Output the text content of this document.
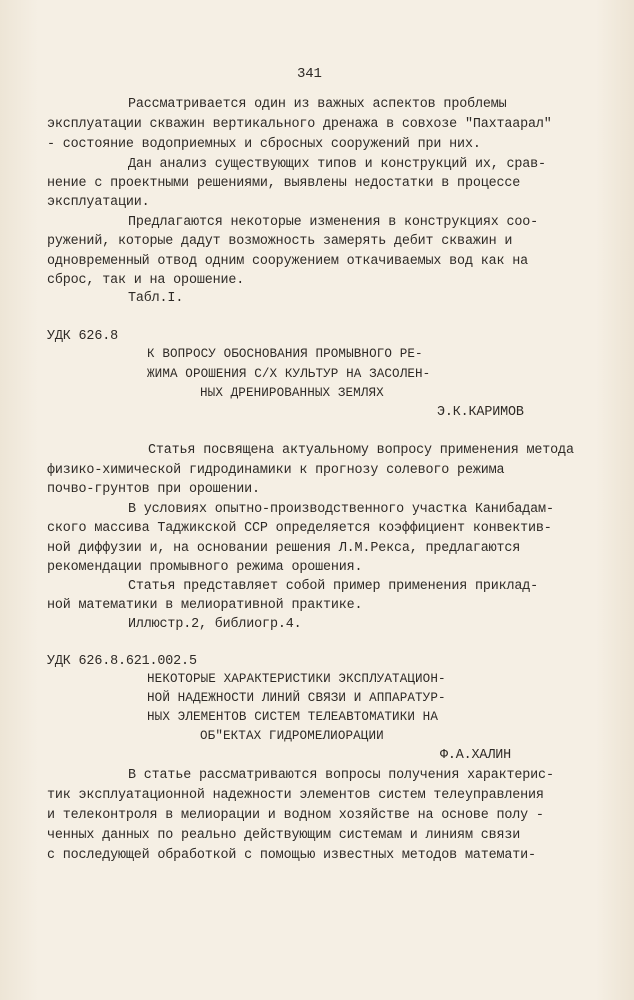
341
Рассматривается один из важных аспектов проблемы
эксплуатации скважин вертикального дренажа в совхозе "Пахтаарал"
- состояние водоприемных и сбросных сооружений при них.
Дан анализ существующих типов и конструкций их, срав-
нение с проектными решениями, выявлены недостатки в процессе
эксплуатации.
Предлагаются некоторые изменения в конструкциях соо-
ружений, которые дадут возможность замерять дебит скважин и
одновременный отвод одним сооружением откачиваемых вод как на
сброс, так и на орошение.
Табл.I.
УДК 626.8
К ВОПРОСУ ОБОСНОВАНИЯ ПРОМЫВНОГО РЕ-
ЖИМА ОРОШЕНИЯ С/Х КУЛЬТУР НА ЗАСОЛЕН-
НЫХ ДРЕНИРОВАННЫХ ЗЕМЛЯХ
Э.К.КАРИМОВ
Статья посвящена актуальному вопросу применения метода
физико-химической гидродинамики к прогнозу солевого режима
почво-грунтов при орошении.
В условиях опытно-производственного участка Канибадам-
ского массива Таджикской ССР определяется коэффициент конвектив-
ной диффузии и, на основании решения Л.М.Рекса, предлагаются
рекомендации промывного режима орошения.
Статья представляет собой пример применения приклад-
ной математики в мелиоративной практике.
Иллюстр.2, библиогр.4.
УДК 626.8.621.002.5
НЕКОТОРЫЕ ХАРАКТЕРИСТИКИ ЭКСПЛУАТАЦИОН-
НОЙ НАДЕЖНОСТИ ЛИНИЙ СВЯЗИ И АППАРАТУР-
НЫХ ЭЛЕМЕНТОВ СИСТЕМ ТЕЛЕАВТОМАТИКИ НА
ОБ"ЕКТАХ ГИДРОМЕЛИОРАЦИИ
Ф.А.ХАЛИН
В статье рассматриваются вопросы получения характерис-
тик эксплуатационной надежности элементов систем телеуправления
и телеконтроля в мелиорации и водном хозяйстве на основе полу -
ченных данных по реально действующим системам и линиям связи
с последующей обработкой с помощью известных методов математи-
